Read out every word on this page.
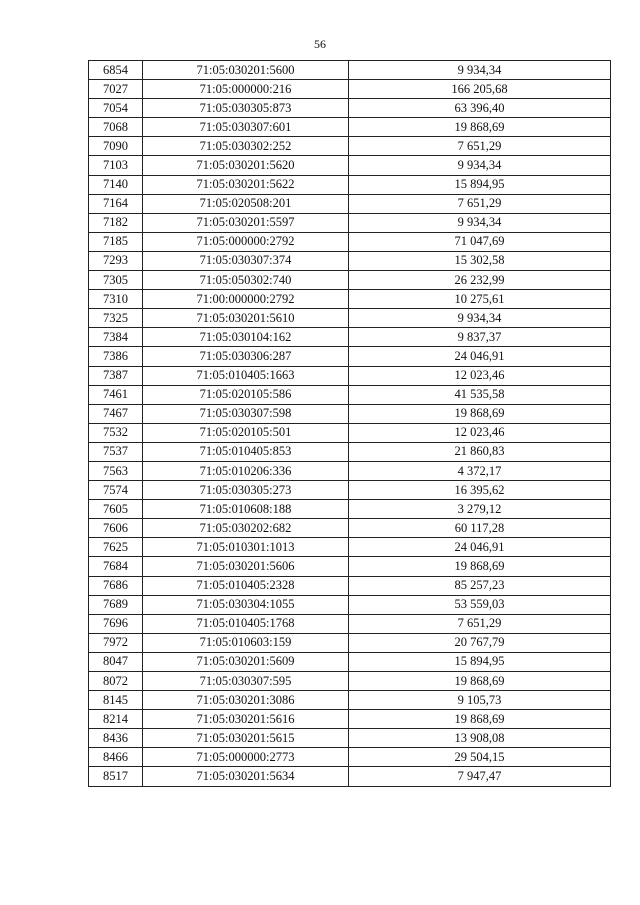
56
6854	71:05:030201:5600	9 934,34
7027	71:05:000000:216	166 205,68
7054	71:05:030305:873	63 396,40
7068	71:05:030307:601	19 868,69
7090	71:05:030302:252	7 651,29
7103	71:05:030201:5620	9 934,34
7140	71:05:030201:5622	15 894,95
7164	71:05:020508:201	7 651,29
7182	71:05:030201:5597	9 934,34
7185	71:05:000000:2792	71 047,69
7293	71:05:030307:374	15 302,58
7305	71:05:050302:740	26 232,99
7310	71:00:000000:2792	10 275,61
7325	71:05:030201:5610	9 934,34
7384	71:05:030104:162	9 837,37
7386	71:05:030306:287	24 046,91
7387	71:05:010405:1663	12 023,46
7461	71:05:020105:586	41 535,58
7467	71:05:030307:598	19 868,69
7532	71:05:020105:501	12 023,46
7537	71:05:010405:853	21 860,83
7563	71:05:010206:336	4 372,17
7574	71:05:030305:273	16 395,62
7605	71:05:010608:188	3 279,12
7606	71:05:030202:682	60 117,28
7625	71:05:010301:1013	24 046,91
7684	71:05:030201:5606	19 868,69
7686	71:05:010405:2328	85 257,23
7689	71:05:030304:1055	53 559,03
7696	71:05:010405:1768	7 651,29
7972	71:05:010603:159	20 767,79
8047	71:05:030201:5609	15 894,95
8072	71:05:030307:595	19 868,69
8145	71:05:030201:3086	9 105,73
8214	71:05:030201:5616	19 868,69
8436	71:05:030201:5615	13 908,08
8466	71:05:000000:2773	29 504,15
8517	71:05:030201:5634	7 947,47
